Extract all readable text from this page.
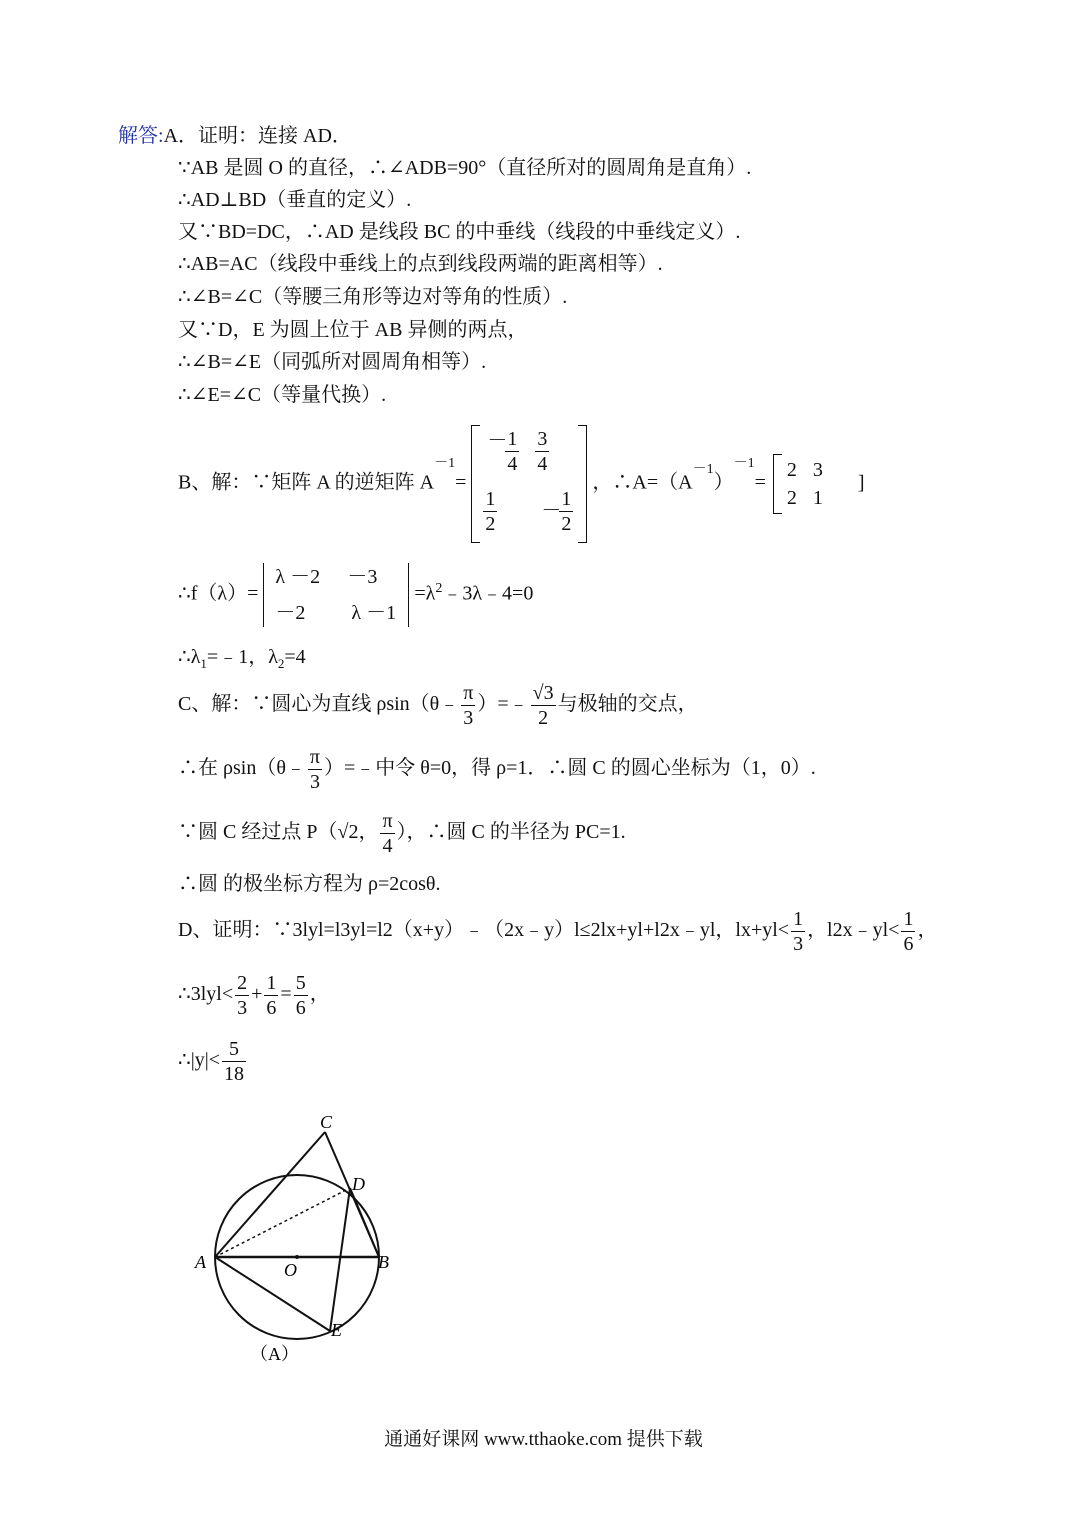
解答:A．证明：连接 AD．
∵AB 是圆 O 的直径，∴∠ADB=90°（直径所对的圆周角是直角）.
∴AD⊥BD（垂直的定义）.
又∵BD=DC，∴AD 是线段 BC 的中垂线（线段的中垂线定义）.
∴AB=AC（线段中垂线上的点到线段两端的距离相等）.
∴∠B=∠C（等腰三角形等边对等角的性质）.
又∵D，E 为圆上位于 AB 异侧的两点，
∴∠B=∠E（同弧所对圆周角相等）.
∴∠E=∠C（等量代换）.
B、解：∵矩阵 A 的逆矩阵 $A^{-1}=$
－
$\frac{1}{4} \frac{3}{4}$
$\frac{1}{2}$ －
$\frac{1}{2}$
，$\therefore A=(A^{-1})^{-1}=$
2 3
2 1
]
∴f（λ）=
λ －2 －3
－2 λ －1
$=\lambda^2﹣3\lambda﹣4=0$
$\therefore\lambda_1=﹣1$，$\lambda_2=4$
C、解：∵圆心为直线 ρsin（θ﹣ $\frac{\pi}{3}$ ）=﹣ $\frac{√3}{2}$ 与极轴的交点，
∴在 ρsin（θ﹣ $\frac{\pi}{3}$ ）=﹣中令 θ=0，得 ρ=1．∴圆 C 的圆心坐标为（1，0）.
∵圆 C 经过点 P（√2， $\frac{\pi}{4}$ ），∴圆 C 的半径为 PC=1.
∴圆 的极坐标方程为 ρ=2cosθ.
D、证明：∵3lyl=l3yl=l2（x+y）﹣（2x﹣y）l≤2lx+yl+l2x﹣yl，$lx+yl< \frac{1}{3}$ ，l2x﹣yl< $\frac{1}{6}$ ，
∴3lyl< $\frac{2}{3} + \frac{1}{6} = \frac{5}{6}$ ，
∴|y|< $\frac{5}{18}$
C
D
A	O	B
E
（A）
通通好课网 www.tthaoke.com 提供下载
